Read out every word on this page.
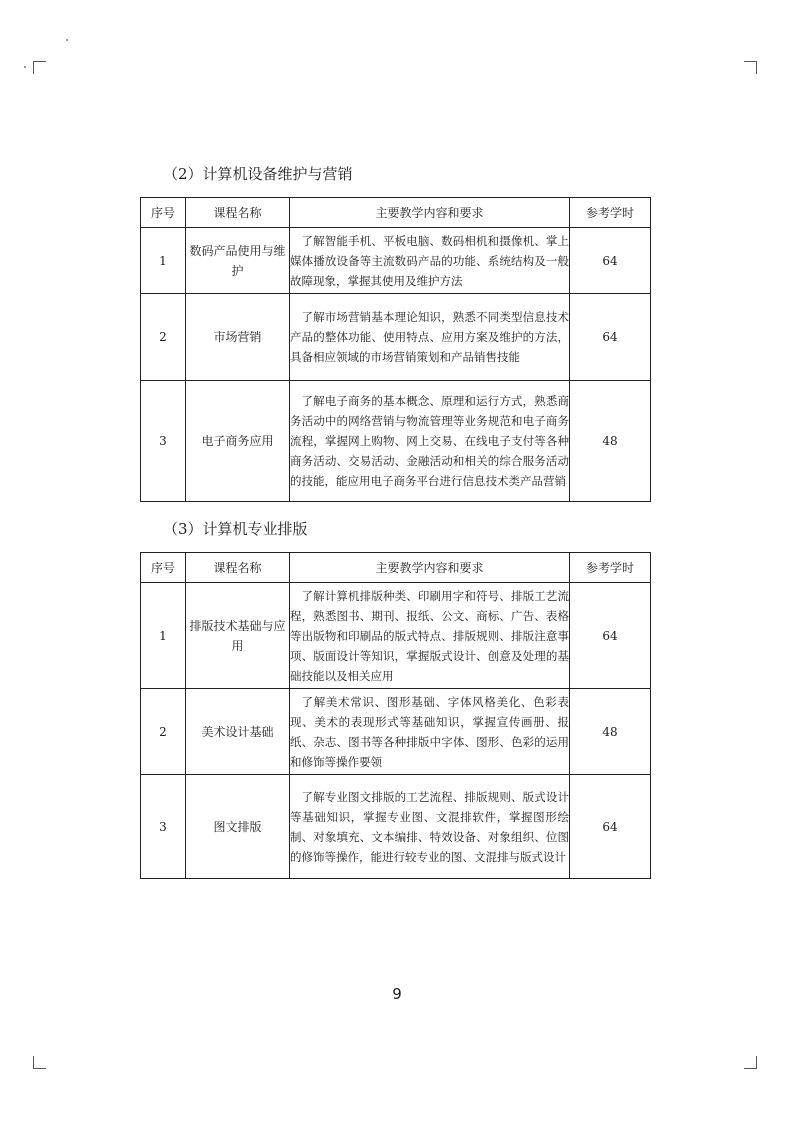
（2）计算机设备维护与营销
序号	课程名称	主要教学内容和要求	参考学时
1	数码产品使用与维护	了解智能手机、平板电脑、数码相机和摄像机、掌上媒体播放设备等主流数码产品的功能、系统结构及一般故障现象，掌握其使用及维护方法	64
2	市场营销	了解市场营销基本理论知识，熟悉不同类型信息技术产品的整体功能、使用特点、应用方案及维护的方法，具备相应领域的市场营销策划和产品销售技能	64
3	电子商务应用	了解电子商务的基本概念、原理和运行方式，熟悉商务活动中的网络营销与物流管理等业务规范和电子商务流程，掌握网上购物、网上交易、在线电子支付等各种商务活动、交易活动、金融活动和相关的综合服务活动的技能，能应用电子商务平台进行信息技术类产品营销	48
（3）计算机专业排版
序号	课程名称	主要教学内容和要求	参考学时
1	排版技术基础与应用	了解计算机排版种类、印刷用字和符号、排版工艺流程，熟悉图书、期刊、报纸、公文、商标、广告、表格等出版物和印刷品的版式特点、排版规则、排版注意事项、版面设计等知识，掌握版式设计、创意及处理的基础技能以及相关应用	64
2	美术设计基础	了解美术常识、图形基础、字体风格美化、色彩表现、美术的表现形式等基础知识，掌握宣传画册、报纸、杂志、图书等各种排版中字体、图形、色彩的运用和修饰等操作要领	48
3	图文排版	了解专业图文排版的工艺流程、排版规则、版式设计等基础知识，掌握专业图、文混排软件，掌握图形绘制、对象填充、文本编排、特效设备、对象组织、位图的修饰等操作，能进行较专业的图、文混排与版式设计	64
9
